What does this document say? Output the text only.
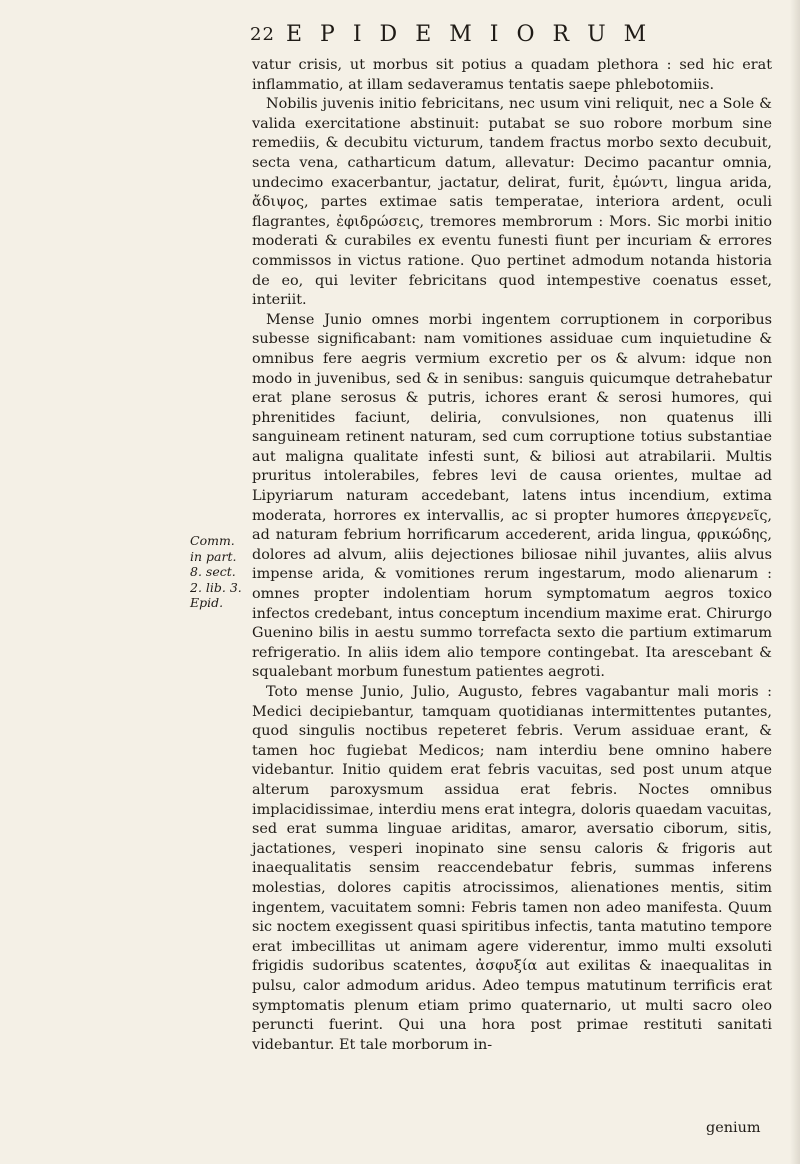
22 EPIDEMIORUM
Comm.
in part.
8. sect.
2. lib. 3.
Epid.

vatur crisis, ut morbus sit potius a quadam plethora : sed hic erat inflammatio, at illam sedaveramus tentatis saepe phlebotomiis.

Nobilis juvenis initio febricitans, nec usum vini reliquit, nec a Sole & valida exercitatione abstinuit: putabat se suo robore morbum sine remediis, & decubitu victurum, tandem fractus morbo sexto decubuit, secta vena, catharticum datum, allevatur: Decimo pacantur omnia, undecimo exacerbantur, jactatur, delirat, furit, ἐμώντι, lingua arida, ἄδιψος, partes extimae satis temperatae, interiora ardent, oculi flagrantes, ἐφιδρώσεις, tremores membrorum : Mors. Sic morbi initio moderati & curabiles ex eventu funesti fiunt per incuriam & errores commissos in victus ratione. Quo pertinet admodum notanda historia de eo, qui leviter febricitans quod intempestive coenatus esset, interiit.

Mense Junio omnes morbi ingentem corruptionem in corporibus subesse significabant: nam vomitiones assiduae cum inquietudine & omnibus fere aegris vermium excretio per os & alvum: idque non modo in juvenibus, sed & in senibus: sanguis quicumque detrahebatur erat plane serosus & putris, ichores erant & serosi humores, qui phrenitides faciunt, deliria, convulsiones, non quatenus illi sanguineam retinent naturam, sed cum corruptione totius substantiae aut maligna qualitate infesti sunt, & biliosi aut atrabilarii. Multis pruritus intolerabiles, febres levi de causa orientes, multae ad Lipyriarum naturam accedebant, latens intus incendium, extima moderata, horrores ex intervallis, ac si propter humores ἀπεργενεῖς, ad naturam febrium horrificarum accederent, arida lingua, φρικώδης, dolores ad alvum, aliis dejectiones biliosae nihil juvantes, aliis alvus impense arida, & vomitiones rerum ingestarum, modo alienarum : omnes propter indolentiam horum symptomatum aegros toxico infectos credebant, intus conceptum incendium maxime erat. Chirurgo Guenino bilis in aestu summo torrefacta sexto die partium extimarum refrigeratio. In aliis idem alio tempore contingebat. Ita arescebant & squalebant morbum funestum patientes aegroti.

Toto mense Junio, Julio, Augusto, febres vagabantur mali moris : Medici decipiebantur, tamquam quotidianas intermittentes putantes, quod singulis noctibus repeteret febris. Verum assiduae erant, & tamen hoc fugiebat Medicos; nam interdiu bene omnino habere videbantur. Initio quidem erat febris vacuitas, sed post unum atque alterum paroxysmum assidua erat febris. Noctes omnibus implacidissimae, interdiu mens erat integra, doloris quaedam vacuitas, sed erat summa linguae ariditas, amaror, aversatio ciborum, sitis, jactationes, vesperi inopinato sine sensu caloris & frigoris aut inaequalitatis sensim reaccendebatur febris, summas inferens molestias, dolores capitis atrocissimos, alienationes mentis, sitim ingentem, vacuitatem somni: Febris tamen non adeo manifesta. Quum sic noctem exegissent quasi spiritibus infectis, tanta matutino tempore erat imbecillitas ut animam agere viderentur, immo multi exsoluti frigidis sudoribus scatentes, ἀσφυξία aut exilitas & inaequalitas in pulsu, calor admodum aridus. Adeo tempus matutinum terrificis erat symptomatis plenum etiam primo quaternario, ut multi sacro oleo peruncti fuerint. Qui una hora post primae restituti sanitati videbantur. Et tale morborum in-

genium
